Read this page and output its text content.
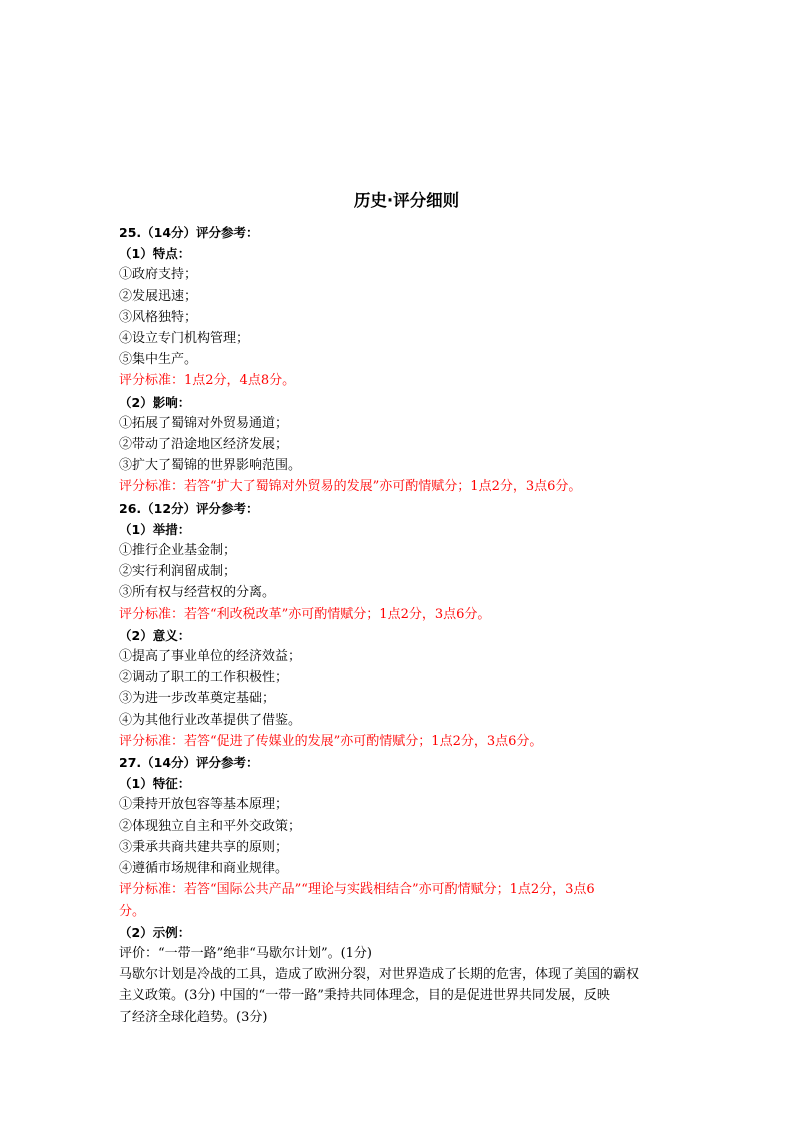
历史·评分细则

25.（14分）评分参考：

（1）特点：

①政府支持；

②发展迅速；

③风格独特；

④设立专门机构管理；

⑤集中生产。

评分标准：1点2分，4点8分。

（2）影响：

①拓展了蜀锦对外贸易通道；

②带动了沿途地区经济发展；

③扩大了蜀锦的世界影响范围。

评分标准：若答“扩大了蜀锦对外贸易的发展”亦可酌情赋分；1点2分，3点6分。

26.（12分）评分参考：

（1）举措：

①推行企业基金制；

②实行利润留成制；

③所有权与经营权的分离。

评分标准：若答“利改税改革”亦可酌情赋分；1点2分，3点6分。

（2）意义：

①提高了事业单位的经济效益；

②调动了职工的工作积极性；

③为进一步改革奠定基础；

④为其他行业改革提供了借鉴。

评分标准：若答“促进了传媒业的发展”亦可酌情赋分；1点2分，3点6分。

27.（14分）评分参考：

（1）特征：

①秉持开放包容等基本原理；

②体现独立自主和平外交政策；

③秉承共商共建共享的原则；

④遵循市场规律和商业规律。

评分标准：若答“国际公共产品”“理论与实践相结合”亦可酌情赋分；1点2分，3点6

分。

（2）示例：

评价：“一带一路”绝非“马歇尔计划”。(1分)

马歇尔计划是冷战的工具，造成了欧洲分裂，对世界造成了长期的危害，体现了美国的霸权

主义政策。(3分) 中国的“一带一路”秉持共同体理念，目的是促进世界共同发展，反映

了经济全球化趋势。(3分)
